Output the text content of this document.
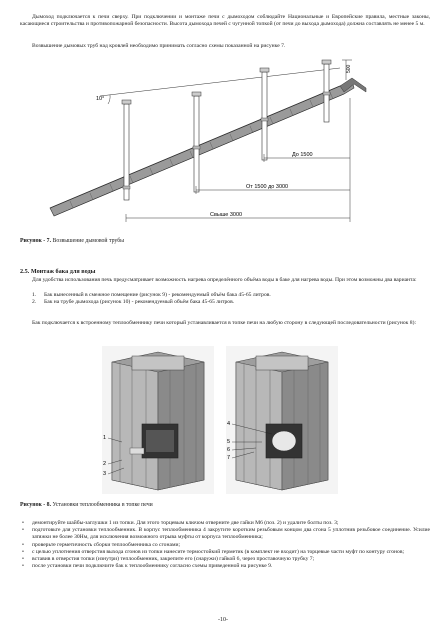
Дымоход подключается к печи сверху. При подключении и монтаже печи с дымоходом соблюдайте Национальные и Европейские правила, местные законы, касающиеся строительства и противопожарной безопасности. Высота дымохода печей с чугунной топкой (от печи до выхода дымохода) должна составлять не менее 5 м.

Возвышение дымовых труб над кровлей необходимо принимать согласно схемы показанной на рисунке 7.

10°
500
До 1500
От 1500 до 3000
Свыше 3000
Рисунок - 7. Возвышение дымовой трубы
2.5. Монтаж бака для воды

Для удобства использования печь предусматривает возможность нагрева определённого объёма воды в баке для нагрева воды. При этом возможны два варианта:

1. Бак вынесенный в смежное помещение (рисунок 9) - рекомендуемый объём бака 45-65 литров.
2. Бак на трубе дымохода (рисунок 10) - рекомендуемый объём бака 45-65 литров.

Бак подключается к встроенному теплообменнику печи который устанавливается в топке печи на любую сторону в следующей последовательности (рисунок 8):

1
2
3
4
5
6
7
Рисунок - 8. Установки теплообменника в топке печи
• демонтируйте шайбы-заглушки 1 из топки. Для этого торцевым ключом отверните две гайки М6 (поз. 2) и удалите болты поз. 3;
• подготовьте для установки теплообменник. В корпус теплообменника 4 закрутите коротким резьбовым концом два сгона 5 уплотнив резьбовое соединение. Усилие затяжки не более 30Нм, для исключения возможного отрыва муфты от корпуса теплообменника;
• проверьте герметичность сборки теплообменника со сгонами;
• с целью уплотнения отверстия выхода сгонов из топки нанесите термостойкий герметик (в комплект не входит) на торцевые части муфт по контуру сгонов;
• вставив в отверстия топки (изнутри) теплообменник, закрепите его (снаружи) гайкой 6, через проставочную трубку 7;
• после установки печи подключите бак к теплообменнику согласно схемы приведенной на рисунке 9.
-10-
